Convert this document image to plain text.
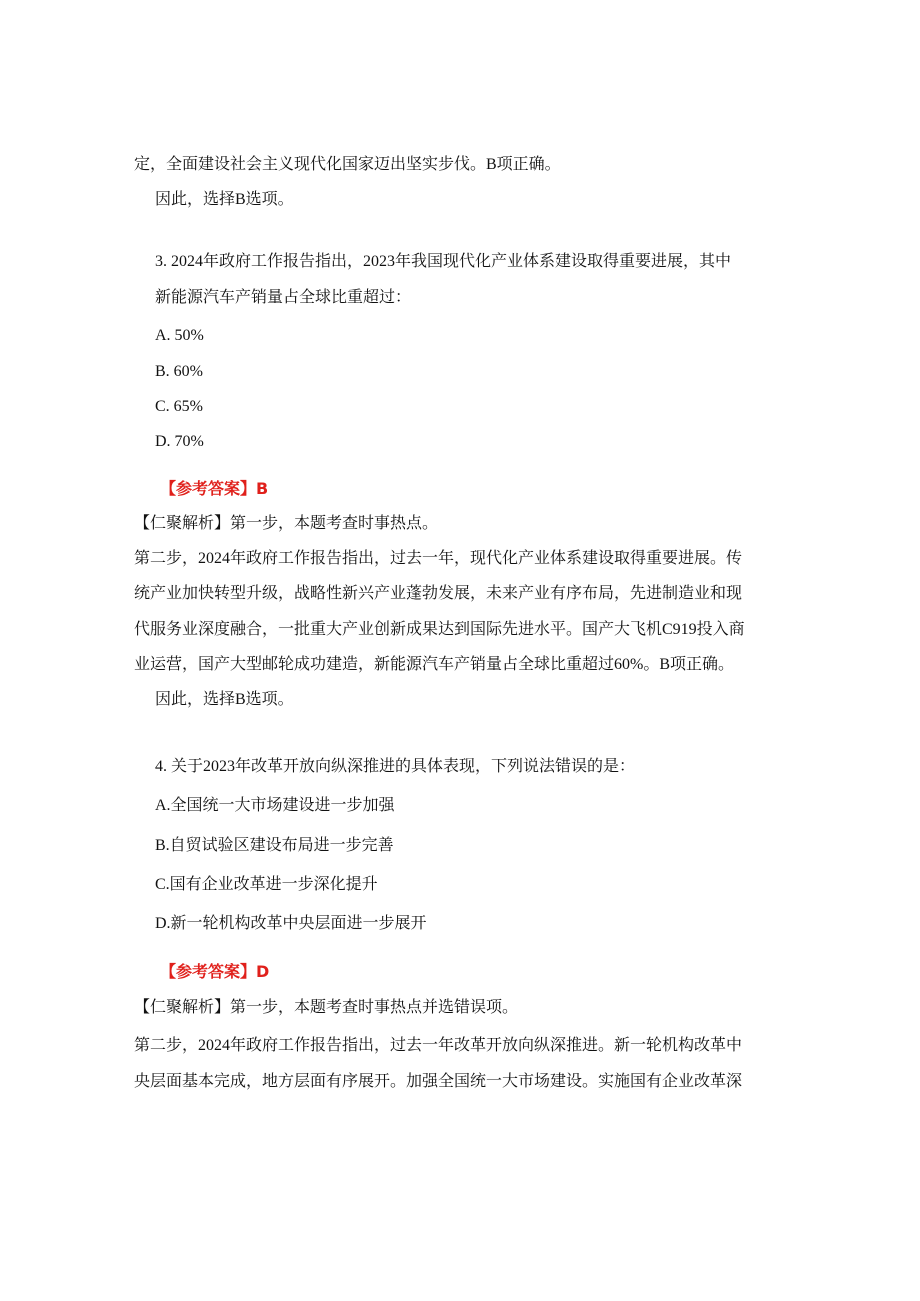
定，全面建设社会主义现代化国家迈出坚实步伐。B项正确。
因此，选择B选项。
3. 2024年政府工作报告指出，2023年我国现代化产业体系建设取得重要进展，其中
新能源汽车产销量占全球比重超过：
A. 50%
B. 60%
C. 65%
D. 70%
【参考答案】B
【仁聚解析】第一步，本题考查时事热点。
第二步，2024年政府工作报告指出，过去一年，现代化产业体系建设取得重要进展。传
统产业加快转型升级，战略性新兴产业蓬勃发展，未来产业有序布局，先进制造业和现
代服务业深度融合，一批重大产业创新成果达到国际先进水平。国产大飞机C919投入商
业运营，国产大型邮轮成功建造，新能源汽车产销量占全球比重超过60%。B项正确。
因此，选择B选项。
4. 关于2023年改革开放向纵深推进的具体表现，下列说法错误的是：
A.全国统一大市场建设进一步加强
B.自贸试验区建设布局进一步完善
C.国有企业改革进一步深化提升
D.新一轮机构改革中央层面进一步展开
【参考答案】D
【仁聚解析】第一步，本题考查时事热点并选错误项。
第二步，2024年政府工作报告指出，过去一年改革开放向纵深推进。新一轮机构改革中
央层面基本完成，地方层面有序展开。加强全国统一大市场建设。实施国有企业改革深
